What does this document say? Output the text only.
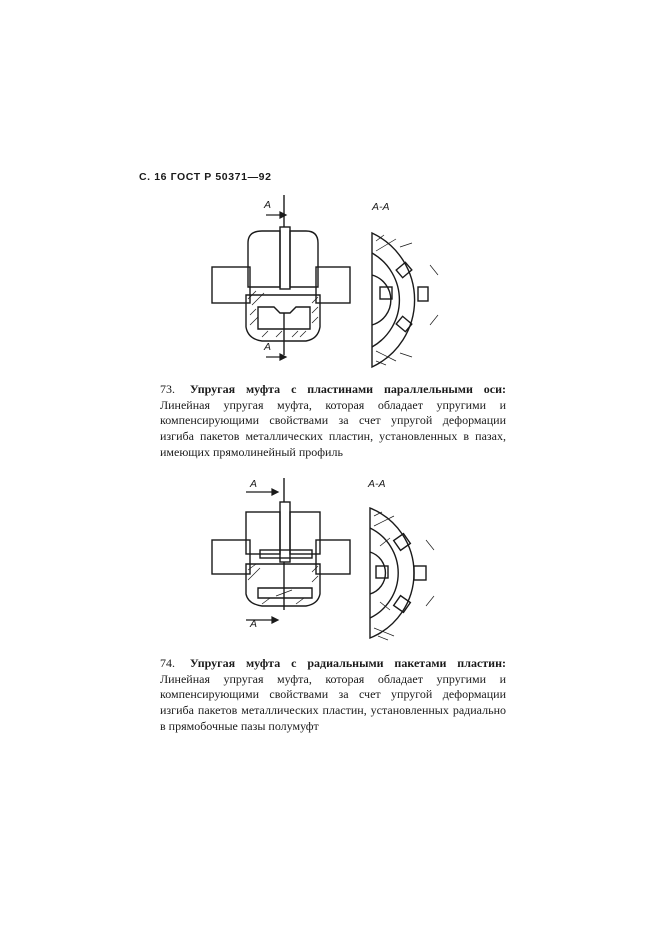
С. 16 ГОСТ Р 50371—92
А-А
А
А
73. Упругая муфта с пластинами параллельными оси: Линейная упругая муфта, которая обладает упругими и компенсирующими свойствами за счет упругой деформации изгиба пакетов металлических пластин, установленных в пазах, имеющих прямолинейный профиль
А-А
А
А
74. Упругая муфта с радиальными пакетами пластин: Линейная упругая муфта, которая обладает упругими и компенсирующими свойствами за счет упругой деформации изгиба пакетов металлических пластин, установленных радиально в прямобочные пазы полумуфт
